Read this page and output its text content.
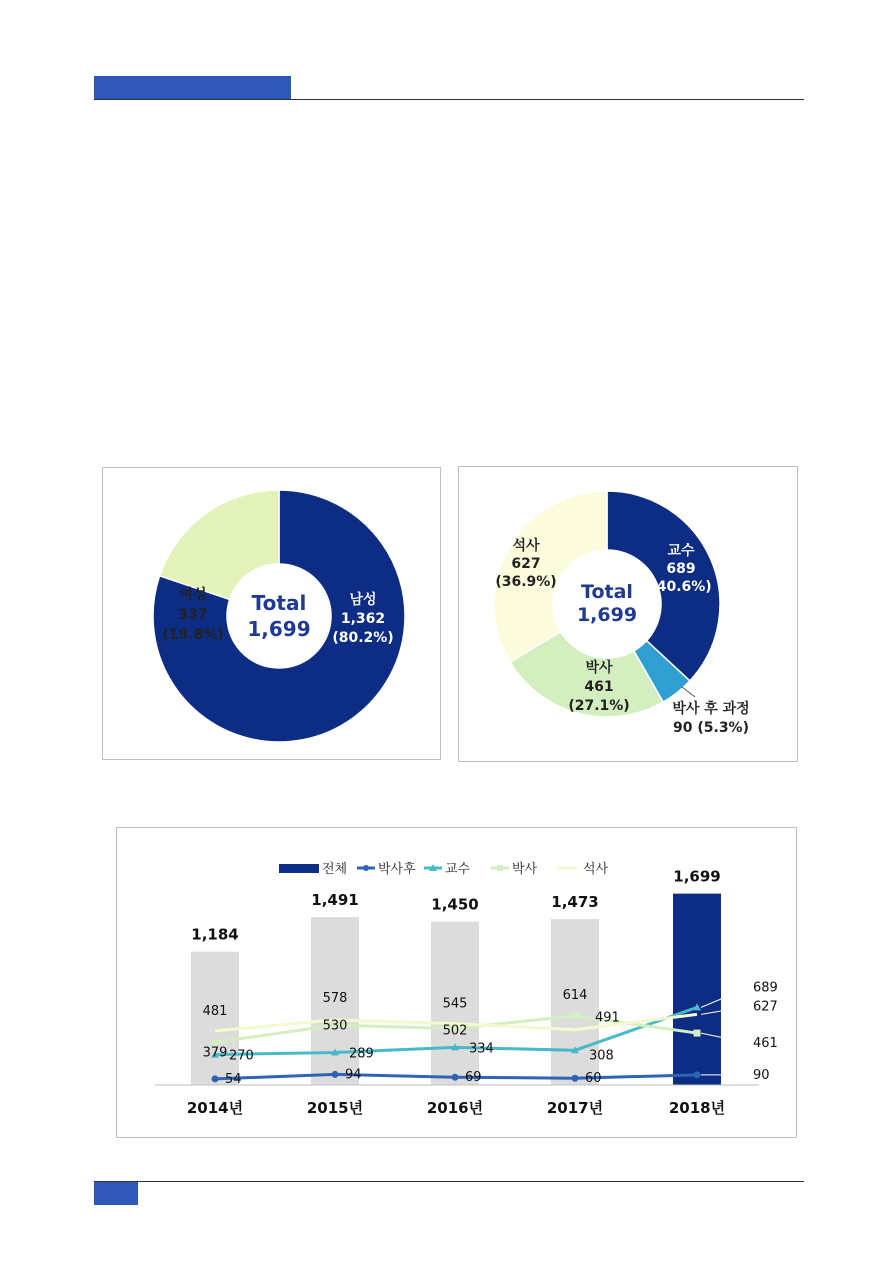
Total
1,699
남성
1,362
(80.2%)
여성
337
(19.8%)
Total
1,699
교수
689
(40.6%)
박사 후 과정
90 (5.3%)
박사
461
(27.1%)
석사
627
(36.9%)
전체 박사후 교수	박사	석사
1,184
2014년
1,491
2015년
1,450
2016년
1,473
2017년
1,699
2018년
54	94	69	60	90
270	289	334	308
689
379
530	502
614
461
481
578	545
491
627
